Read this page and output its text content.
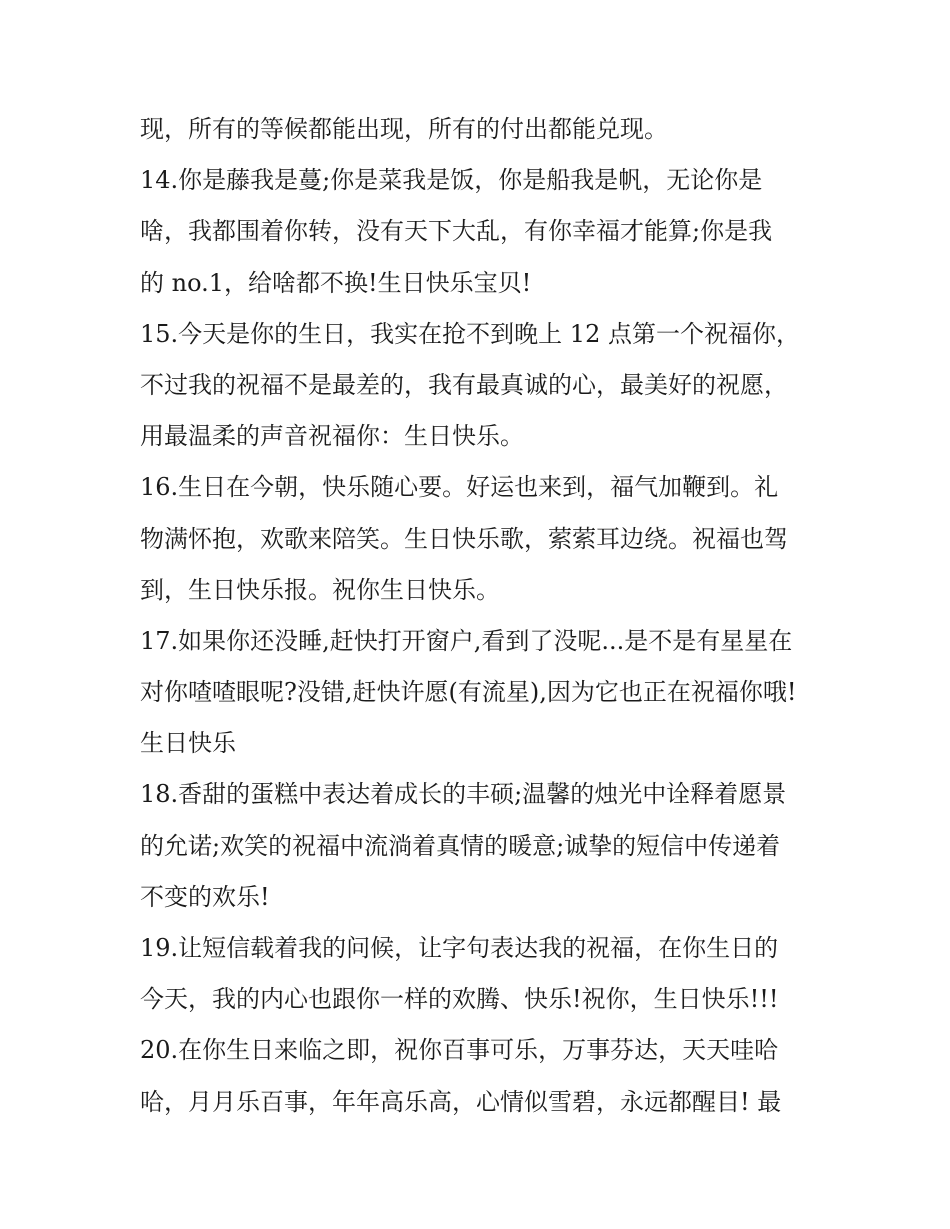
现，所有的等候都能出现，所有的付出都能兑现。
14.你是藤我是蔓;你是菜我是饭，你是船我是帆，无论你是
啥，我都围着你转，没有天下大乱，有你幸福才能算;你是我
的 no.1，给啥都不换!生日快乐宝贝!
15.今天是你的生日，我实在抢不到晚上 12 点第一个祝福你，
不过我的祝福不是最差的，我有最真诚的心，最美好的祝愿，
用最温柔的声音祝福你：生日快乐。
16.生日在今朝，快乐随心要。好运也来到，福气加鞭到。礼
物满怀抱，欢歌来陪笑。生日快乐歌，萦萦耳边绕。祝福也驾
到，生日快乐报。祝你生日快乐。
17.如果你还没睡,赶快打开窗户,看到了没呢...是不是有星星在
对你喳喳眼呢?没错,赶快许愿(有流星),因为它也正在祝福你哦!
生日快乐
18.香甜的蛋糕中表达着成长的丰硕;温馨的烛光中诠释着愿景
的允诺;欢笑的祝福中流淌着真情的暖意;诚挚的短信中传递着
不变的欢乐!
19.让短信载着我的问候，让字句表达我的祝福，在你生日的
今天，我的内心也跟你一样的欢腾、快乐!祝你，生日快乐!!!
20.在你生日来临之即，祝你百事可乐，万事芬达，天天哇哈
哈，月月乐百事，年年高乐高，心情似雪碧，永远都醒目! 最
